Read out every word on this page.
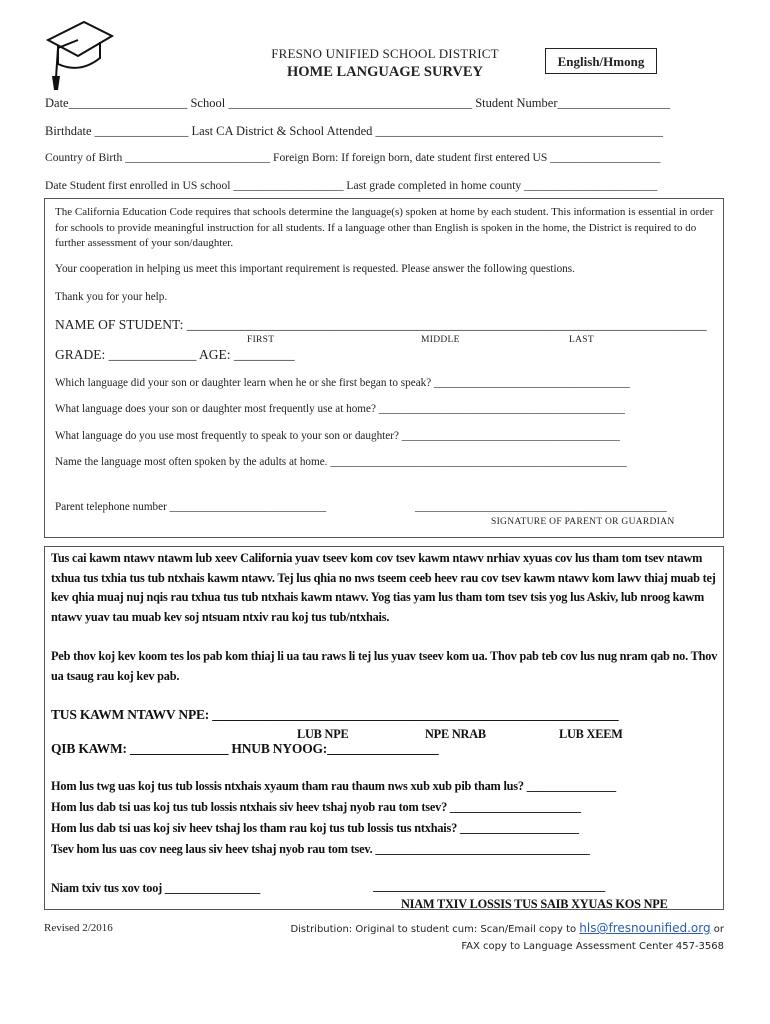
FRESNO UNIFIED SCHOOL DISTRICT
HOME LANGUAGE SURVEY
English/Hmong
Date___________________ School _______________________________________ Student Number__________________
Birthdate _______________ Last CA District & School Attended ______________________________________________
Country of Birth _________________________ Foreign Born: If foreign born, date student first entered US ___________________
Date Student first enrolled in US school ___________________ Last grade completed in home county _______________________
The California Education Code requires that schools determine the language(s) spoken at home by each student. This information is essential in order for schools to provide meaningful instruction for all students. If a language other than English is spoken in the home, the District is required to do further assessment of your son/daughter.
Your cooperation in helping us meet this important requirement is requested. Please answer the following questions.
Thank you for your help.
NAME OF STUDENT: _____________________________________________________________________________
FIRST	MIDDLE	LAST
GRADE: _____________ AGE: _________
Which language did your son or daughter learn when he or she first began to speak? ___________________________________
What language does your son or daughter most frequently use at home? ____________________________________________
What language do you use most frequently to speak to your son or daughter? _______________________________________
Name the language most often spoken by the adults at home. _____________________________________________________
Parent telephone number ____________________________	_____________________________________________
SIGNATURE OF PARENT OR GUARDIAN
Tus cai kawm ntawv ntawm lub xeev California yuav tseev kom cov tsev kawm ntawv nrhiav xyuas cov lus tham tom tsev ntawm txhua tus txhia tus tub ntxhais kawm ntawv. Tej lus qhia no nws tseem ceeb heev rau cov tsev kawm ntawv kom lawv thiaj muab tej kev qhia muaj nuj nqis rau txhua tus tub ntxhais kawm ntawv. Yog tias yam lus tham tom tsev tsis yog lus Askiv, lub nroog kawm ntawv yuav tau muab kev soj ntsuam ntxiv rau koj tus tub/ntxhais.
Peb thov koj kev koom tes los pab kom thiaj li ua tau raws li tej lus yuav tseev kom ua. Thov pab teb cov lus nug nram qab no. Thov ua tsaug rau koj kev pab.
TUS KAWM NTAWV NPE: ______________________________________________________________
LUB NPE	NPE NRAB	LUB XEEM
QIB KAWM: _______________ HNUB NYOOG:_________________
Hom lus twg uas koj tus tub lossis ntxhais xyaum tham rau thaum nws xub xub pib tham lus? _______________
Hom lus dab tsi uas koj tus tub lossis ntxhais siv heev tshaj nyob rau tom tsev? ______________________
Hom lus dab tsi uas koj siv heev tshaj los tham rau koj tus tub lossis tus ntxhais? ____________________
Tsev hom lus uas cov neeg laus siv heev tshaj nyob rau tom tsev. ____________________________________
Niam txiv tus xov tooj ________________	_______________________________________
NIAM TXIV LOSSIS TUS SAIB XYUAS KOS NPE
Revised 2/2016	Distribution: Original to student cum: Scan/Email copy to hls@fresnounified.org or
FAX copy to Language Assessment Center 457-3568
